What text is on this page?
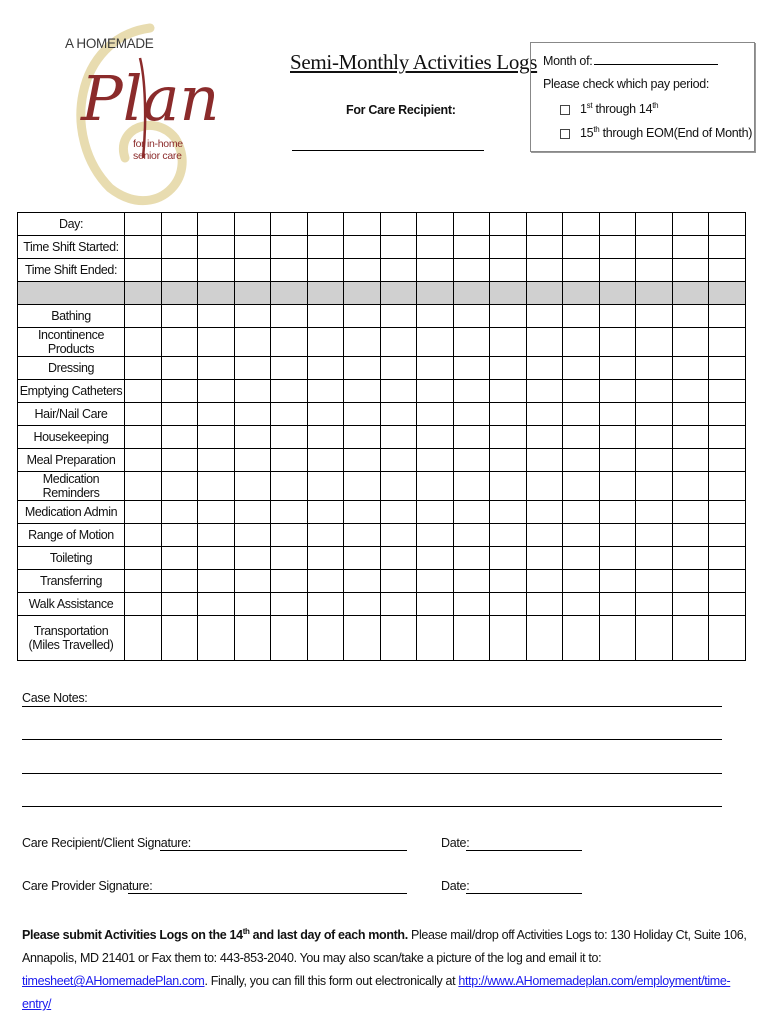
A HOMEMADE
Plan
for in-home
senior care
Semi-Monthly Activities Logs
For Care Recipient:
Month of:
Please check which pay period:
1st through 14th
15th through EOM(End of Month)
Day:																	
Time Shift Started:																	
Time Shift Ended:																	

Bathing																	
Incontinence Products																	
Dressing																	
Emptying Catheters																	
Hair/Nail Care																	
Housekeeping																	
Meal Preparation																	
Medication Reminders																	
Medication Admin																	
Range of Motion																	
Toileting																	
Transferring																	
Walk Assistance																	
Transportation
(Miles Travelled)																	
Case Notes:
Care Recipient/Client Signature:	Date:
Care Provider Signature:	Date:
Please submit Activities Logs on the 14th and last day of each month. Please mail/drop off Activities Logs to: 130 Holiday Ct, Suite 106, Annapolis, MD 21401 or Fax them to: 443-853-2040. You may also scan/take a picture of the log and email it to: timesheet@AHomemadePlan.com. Finally, you can fill this form out electronically at http://www.AHomemadeplan.com/employment/time-entry/
